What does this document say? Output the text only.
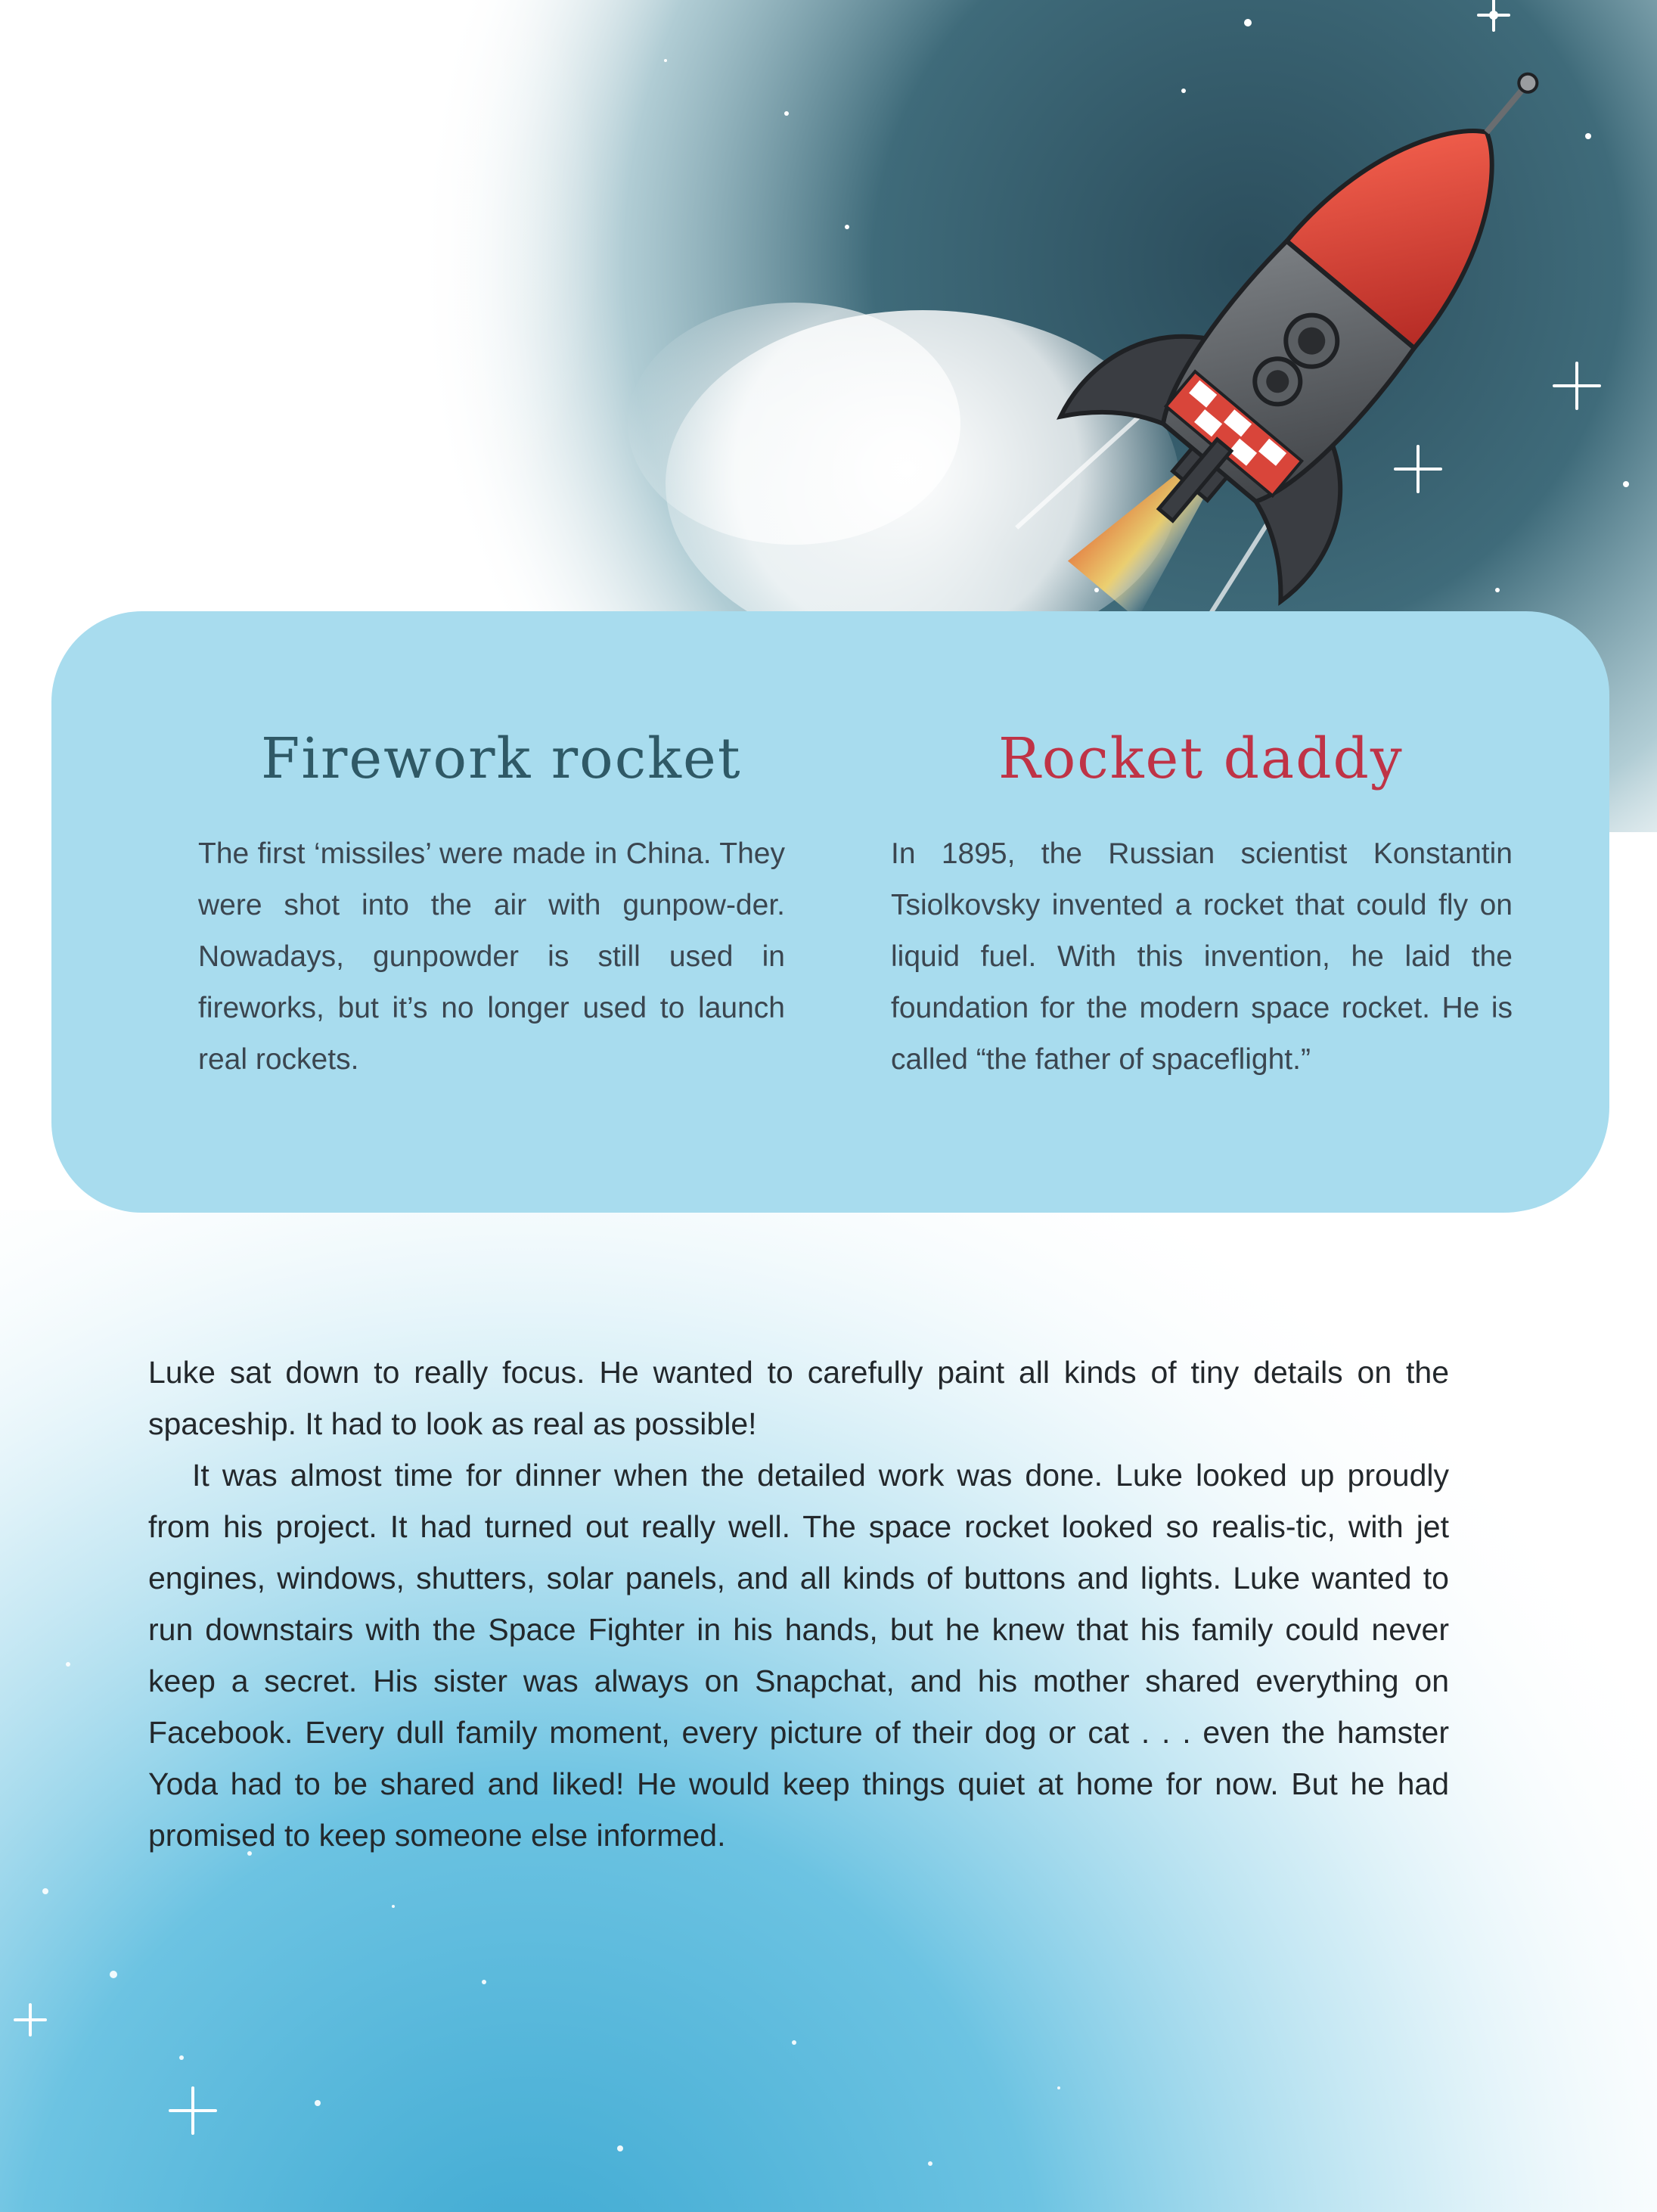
Firework rocket
The first ‘missiles’ were made in China. They were shot into the air with gunpow-der. Nowadays, gunpowder is still used in fireworks, but it’s no longer used to launch real rockets.
Rocket daddy
In 1895, the Russian scientist Konstantin Tsiolkovsky invented a rocket that could fly on liquid fuel. With this invention, he laid the foundation for the modern space rocket. He is called “the father of spaceflight.”

Luke sat down to really focus. He wanted to carefully paint all kinds of tiny details on the spaceship. It had to look as real as possible!

It was almost time for dinner when the detailed work was done. Luke looked up proudly from his project. It had turned out really well. The space rocket looked so realis-tic, with jet engines, windows, shutters, solar panels, and all kinds of buttons and lights. Luke wanted to run downstairs with the Space Fighter in his hands, but he knew that his family could never keep a secret. His sister was always on Snapchat, and his mother shared everything on Facebook. Every dull family moment, every picture of their dog or cat . . . even the hamster Yoda had to be shared and liked! He would keep things quiet at home for now. But he had promised to keep someone else informed.
